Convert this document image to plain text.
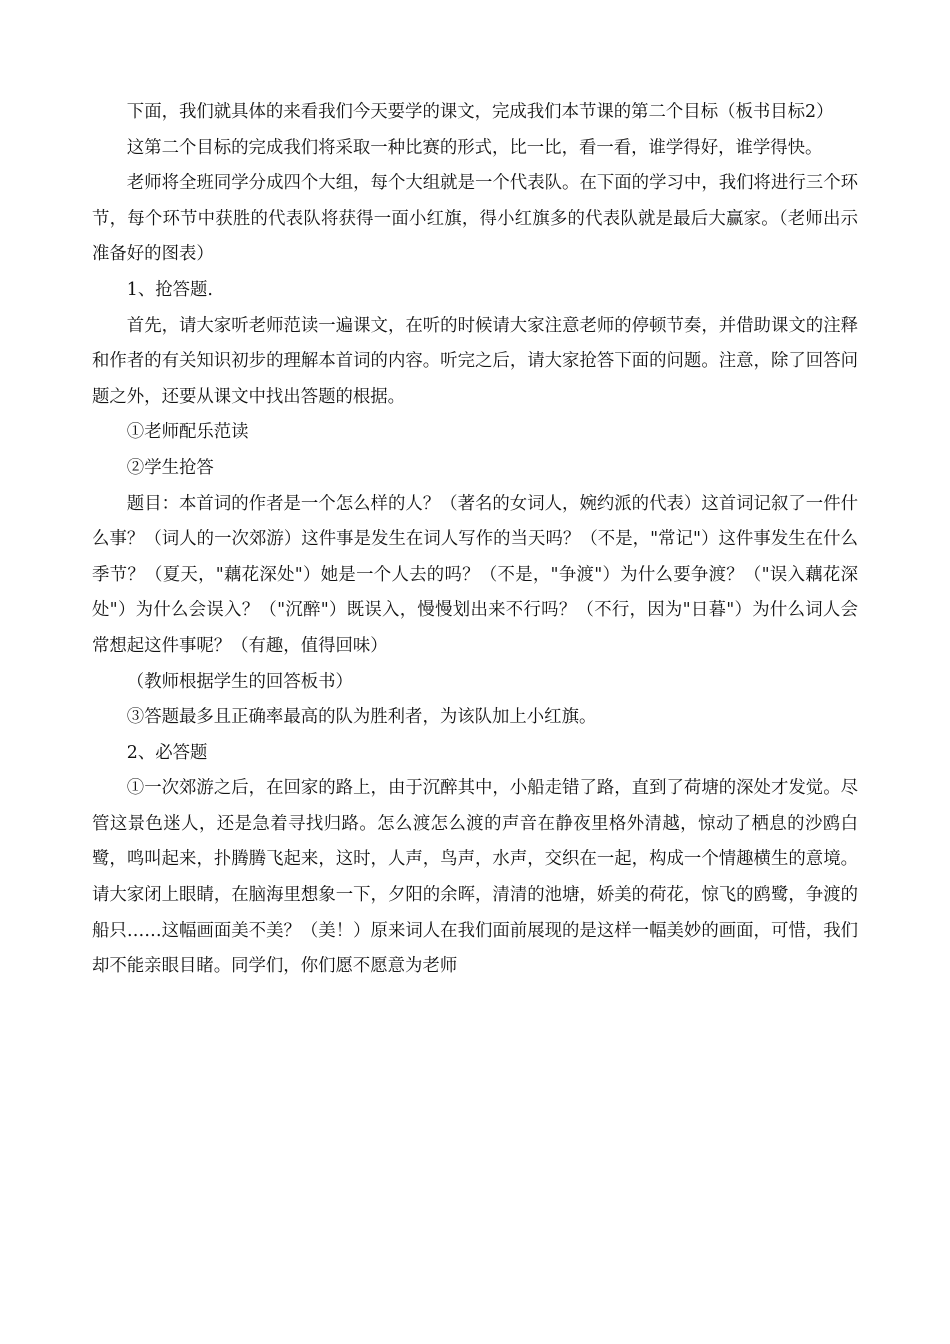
下面，我们就具体的来看我们今天要学的课文，完成我们本节课的第二个目标（板书目标2）

这第二个目标的完成我们将采取一种比赛的形式，比一比，看一看，谁学得好，谁学得快。

老师将全班同学分成四个大组，每个大组就是一个代表队。在下面的学习中，我们将进行三个环节，每个环节中获胜的代表队将获得一面小红旗，得小红旗多的代表队就是最后大赢家。（老师出示准备好的图表）

1、抢答题.

首先，请大家听老师范读一遍课文，在听的时候请大家注意老师的停顿节奏，并借助课文的注释和作者的有关知识初步的理解本首词的内容。听完之后，请大家抢答下面的问题。注意，除了回答问题之外，还要从课文中找出答题的根据。

①老师配乐范读

②学生抢答

题目：本首词的作者是一个怎么样的人？（著名的女词人，婉约派的代表）这首词记叙了一件什么事？（词人的一次郊游）这件事是发生在词人写作的当天吗？（不是，"常记"）这件事发生在什么季节？（夏天，"藕花深处"）她是一个人去的吗？（不是，"争渡"）为什么要争渡？（"误入藕花深处"）为什么会误入？（"沉醉"）既误入，慢慢划出来不行吗？（不行，因为"日暮"）为什么词人会常想起这件事呢？（有趣，值得回味）

（教师根据学生的回答板书）

③答题最多且正确率最高的队为胜利者，为该队加上小红旗。

2、必答题

①一次郊游之后，在回家的路上，由于沉醉其中，小船走错了路，直到了荷塘的深处才发觉。尽管这景色迷人，还是急着寻找归路。怎么渡怎么渡的声音在静夜里格外清越，惊动了栖息的沙鸥白鹭，鸣叫起来，扑腾腾飞起来，这时，人声，鸟声，水声，交织在一起，构成一个情趣横生的意境。请大家闭上眼睛，在脑海里想象一下，夕阳的余晖，清清的池塘，娇美的荷花，惊飞的鸥鹭，争渡的船只……这幅画面美不美？（美！）原来词人在我们面前展现的是这样一幅美妙的画面，可惜，我们却不能亲眼目睹。同学们，你们愿不愿意为老师
